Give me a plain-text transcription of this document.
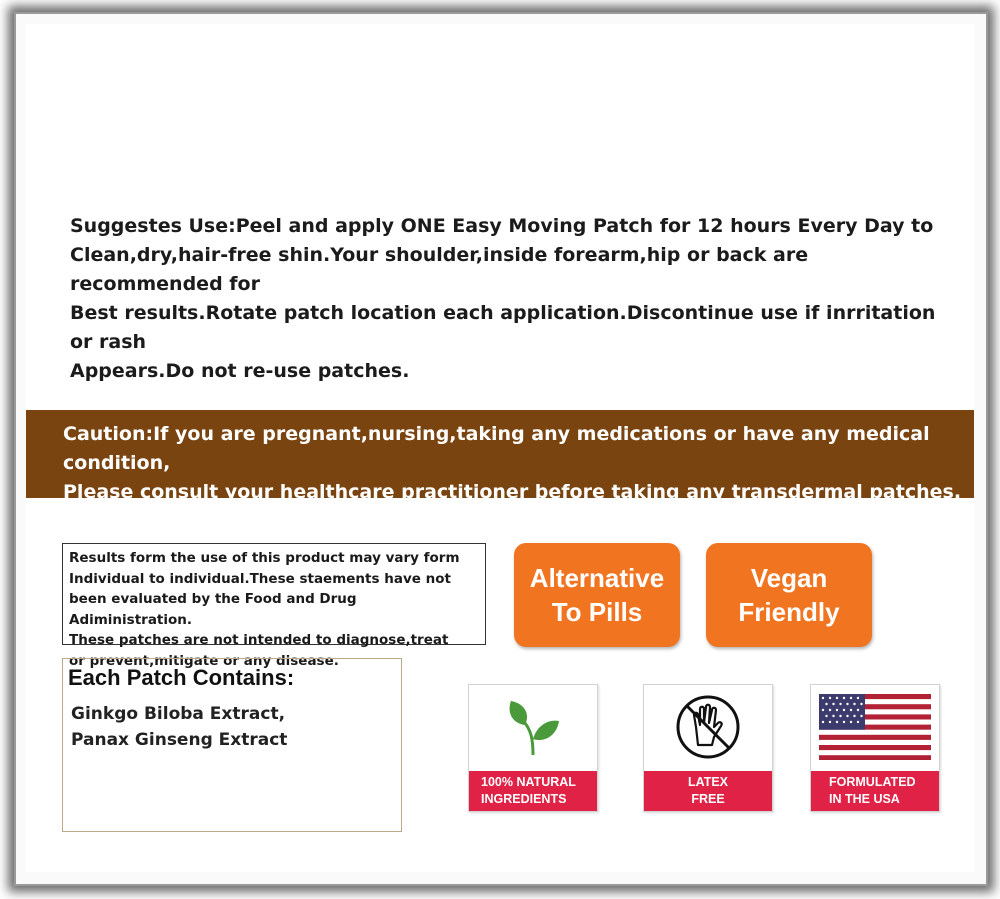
Suggestes Use:Peel and apply ONE Easy Moving Patch for 12 hours Every Day to
Clean,dry,hair-free shin.Your shoulder,inside forearm,hip or back are recommended for
Best results.Rotate patch location each application.Discontinue use if inrritation or rash
Appears.Do not re-use patches.
Caution:If you are pregnant,nursing,taking any medications or have any medical condition,
Please consult your healthcare practitioner before taking any transdermal patches.
Results form the use of this product may vary form
Individual to individual.These staements have not
been evaluated by the Food and Drug Adiministration.
These patches are not intended to diagnose,treat
or prevent,mitigate or any disease.
Each Patch Contains:
Ginkgo Biloba Extract,
Panax Ginseng Extract
Alternative
To Pills
Vegan
Friendly
100% NATURAL
INGREDIENTS
LATEX
FREE
FORMULATED
IN THE USA
